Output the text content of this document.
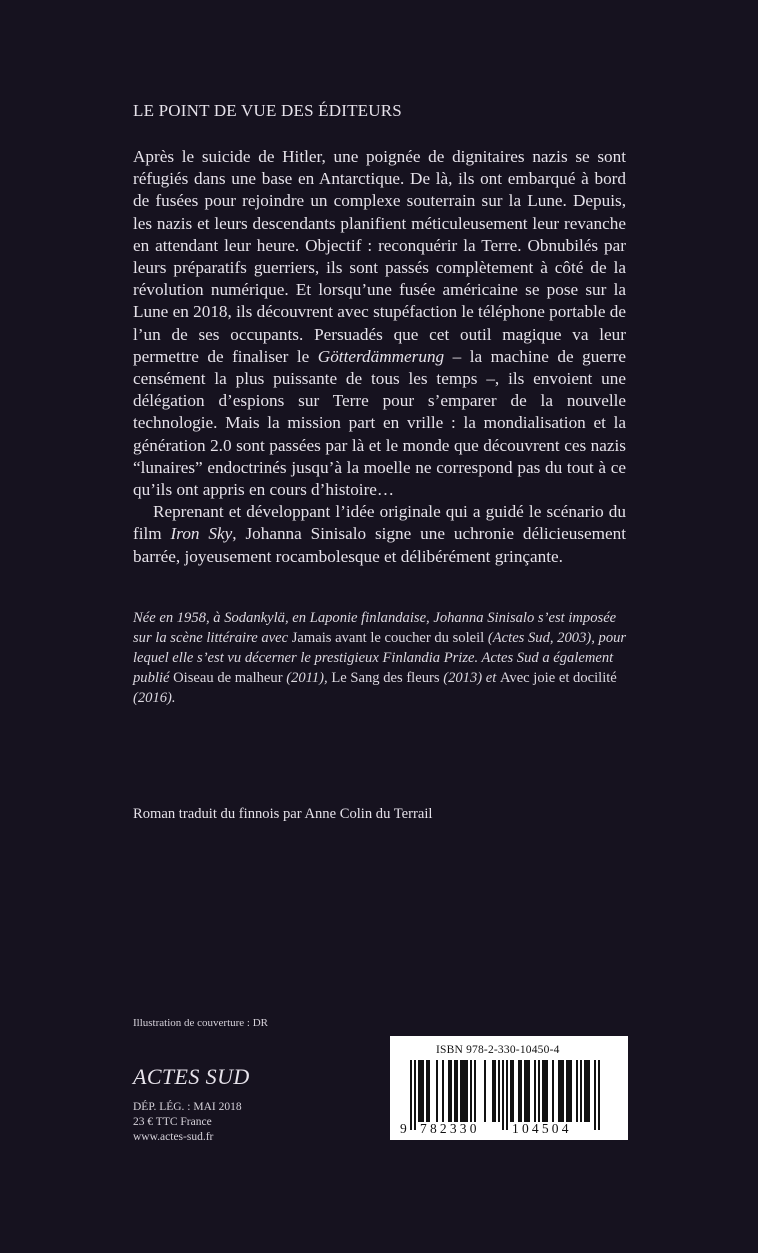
LE POINT DE VUE DES ÉDITEURS

Après le suicide de Hitler, une poignée de dignitaires nazis se sont réfugiés dans une base en Antarctique. De là, ils ont embarqué à bord de fusées pour rejoindre un complexe souterrain sur la Lune. Depuis, les nazis et leurs descendants planifient méticuleusement leur revanche en attendant leur heure. Objectif : reconquérir la Terre. Obnubilés par leurs préparatifs guerriers, ils sont passés complètement à côté de la révolution numérique. Et lorsqu’une fusée américaine se pose sur la Lune en 2018, ils découvrent avec stupéfaction le téléphone portable de l’un de ses occupants. Persuadés que cet outil magique va leur permettre de finaliser le Götterdämmerung – la machine de guerre censément la plus puissante de tous les temps –, ils envoient une délégation d’espions sur Terre pour s’emparer de la nouvelle technologie. Mais la mission part en vrille : la mondialisation et la génération 2.0 sont passées par là et le monde que découvrent ces nazis “lunaires” endoctrinés jusqu’à la moelle ne correspond pas du tout à ce qu’ils ont appris en cours d’histoire…

Reprenant et développant l’idée originale qui a guidé le scénario du film Iron Sky, Johanna Sinisalo signe une uchronie délicieusement barrée, joyeusement rocambolesque et délibérément grinçante.

Née en 1958, à Sodankylä, en Laponie finlandaise, Johanna Sinisalo s’est imposée sur la scène littéraire avec Jamais avant le coucher du soleil (Actes Sud, 2003), pour lequel elle s’est vu décerner le prestigieux Finlandia Prize. Actes Sud a également publié Oiseau de malheur (2011), Le Sang des fleurs (2013) et Avec joie et docilité (2016).
Roman traduit du finnois par Anne Colin du Terrail
Illustration de couverture : DR
ACTES SUD
DÉP. LÉG. : MAI 2018
23 € TTC France
www.actes-sud.fr
ISBN 978-2-330-10450-4
9 782330 104504
